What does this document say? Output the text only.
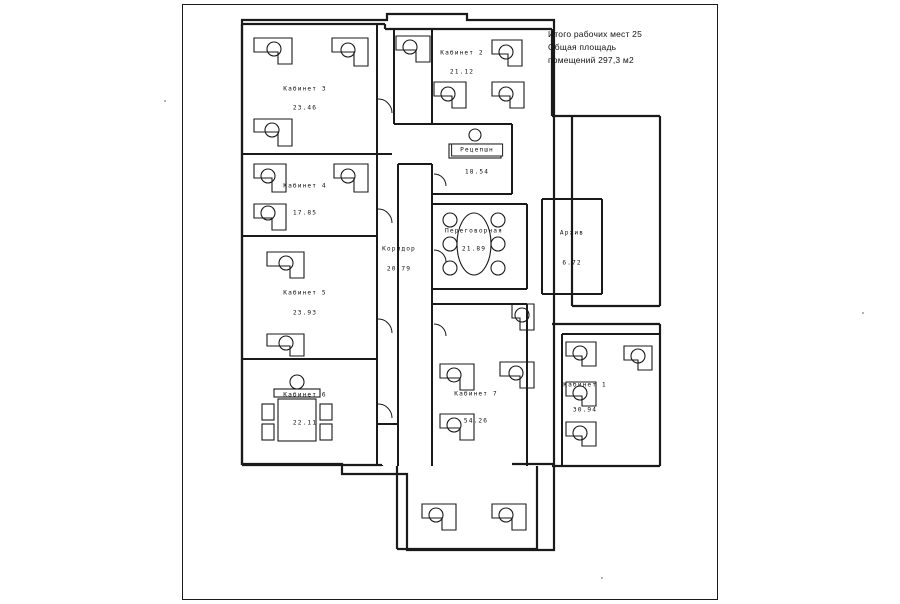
Итого рабочих мест 25
Общая площадь
помещений 297,3 м2
Рецепшн
Кабинет 3
23.46
Кабинет 2
21.12
Кабинет 4
17.85
Кабинет 5
23.93
Кабинет 6
22.11
Кабинет 7
54.26
Кабинет 1
30.94
18.54
Переговорная
21.89
Архив
6.72
Коридор
20.79
